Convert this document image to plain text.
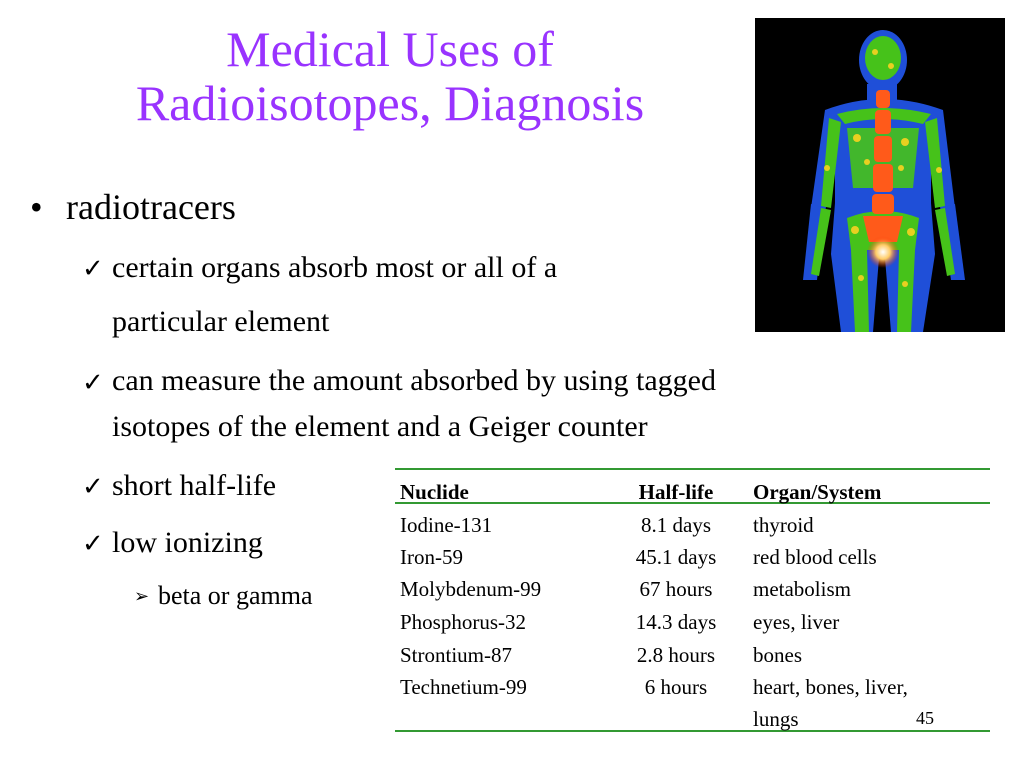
Medical Uses of
Radioisotopes, Diagnosis
• radiotracers
✓ certain organs absorb most or all of a
particular element
✓ can measure the amount absorbed by using tagged
isotopes of the element and a Geiger counter
✓ short half-life
✓ low ionizing
➢ beta or gamma
Nuclide	Half-life	Organ/System
Iodine-131	8.1 days	thyroid
Iron-59	45.1 days	red blood cells
Molybdenum-99	67 hours	metabolism
Phosphorus-32	14.3 days	eyes, liver
Strontium-87	2.8 hours	bones
Technetium-99	6 hours	heart, bones, liver,
lungs	45
